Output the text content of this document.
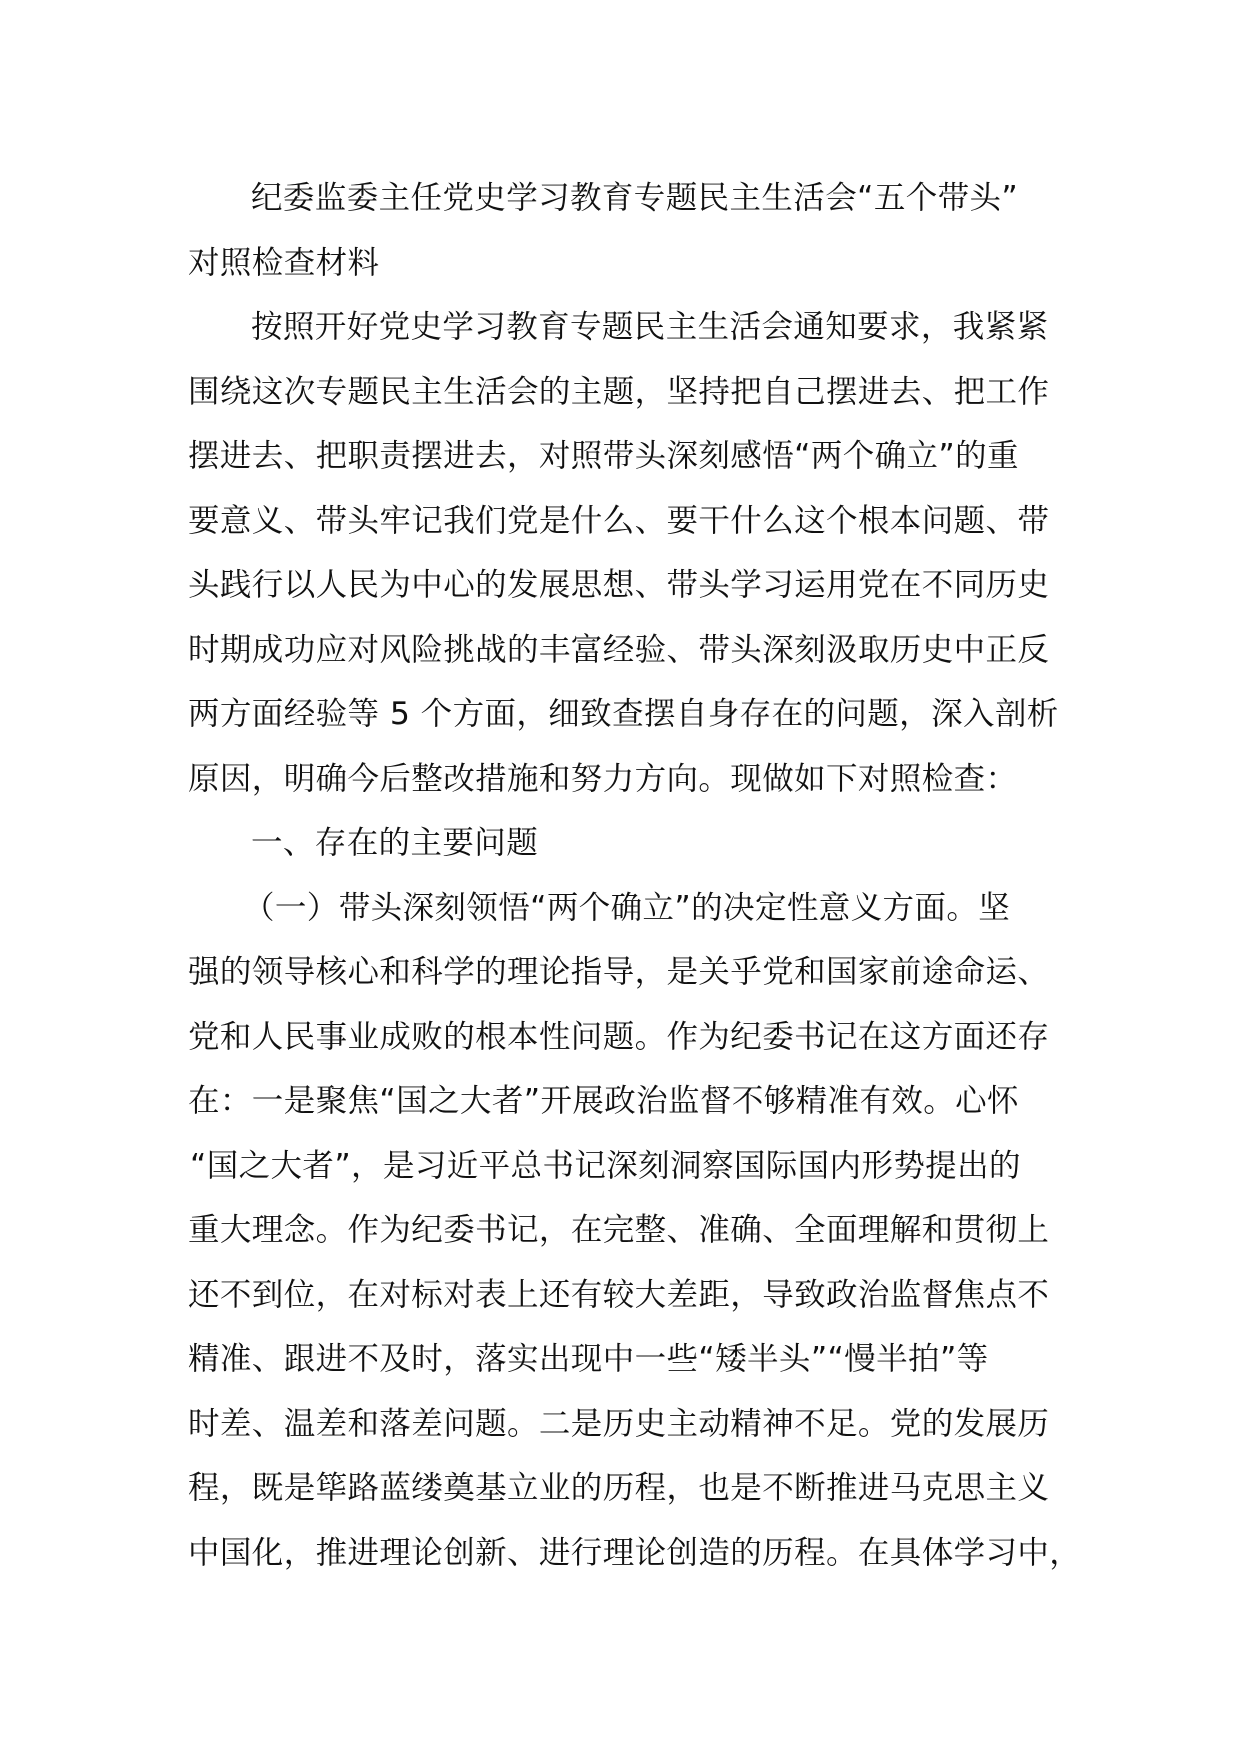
纪委监委主任党史学习教育专题民主生活会“五个带头”
对照检查材料
按照开好党史学习教育专题民主生活会通知要求，我紧紧
围绕这次专题民主生活会的主题，坚持把自己摆进去、把工作
摆进去、把职责摆进去，对照带头深刻感悟“两个确立”的重
要意义、带头牢记我们党是什么、要干什么这个根本问题、带
头践行以人民为中心的发展思想、带头学习运用党在不同历史
时期成功应对风险挑战的丰富经验、带头深刻汲取历史中正反
两方面经验等 5 个方面，细致查摆自身存在的问题，深入剖析
原因，明确今后整改措施和努力方向。现做如下对照检查：
一、存在的主要问题
（一）带头深刻领悟“两个确立”的决定性意义方面。坚
强的领导核心和科学的理论指导，是关乎党和国家前途命运、
党和人民事业成败的根本性问题。作为纪委书记在这方面还存
在：一是聚焦“国之大者”开展政治监督不够精准有效。心怀
“国之大者”，是习近平总书记深刻洞察国际国内形势提出的
重大理念。作为纪委书记，在完整、准确、全面理解和贯彻上
还不到位，在对标对表上还有较大差距，导致政治监督焦点不
精准、跟进不及时，落实出现中一些“矮半头”“慢半拍”等
时差、温差和落差问题。二是历史主动精神不足。党的发展历
程，既是筚路蓝缕奠基立业的历程，也是不断推进马克思主义
中国化，推进理论创新、进行理论创造的历程。在具体学习中，
